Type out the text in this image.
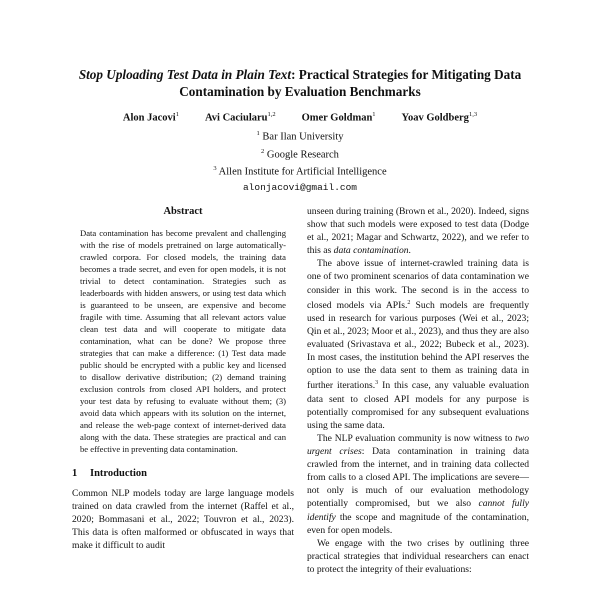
Stop Uploading Test Data in Plain Text: Practical Strategies for Mitigating Data Contamination by Evaluation Benchmarks
Alon Jacovi$^1$ Avi Caciularu$^{1,2}$ Omer Goldman$^1$ Yoav Goldberg$^{1,3}$
$^1$ Bar Ilan University
$^2$ Google Research
$^3$ Allen Institute for Artificial Intelligence
alonjacovi@gmail.com
Abstract

Data contamination has become prevalent and challenging with the rise of models pretrained on large automatically-crawled corpora. For closed models, the training data becomes a trade secret, and even for open models, it is not trivial to detect contamination. Strategies such as leaderboards with hidden answers, or using test data which is guaranteed to be unseen, are expensive and become fragile with time. Assuming that all relevant actors value clean test data and will cooperate to mitigate data contamination, what can be done? We propose three strategies that can make a difference: (1) Test data made public should be encrypted with a public key and licensed to disallow derivative distribution; (2) demand training exclusion controls from closed API holders, and protect your test data by refusing to evaluate without them; (3) avoid data which appears with its solution on the internet, and release the web-page context of internet-derived data along with the data. These strategies are practical and can be effective in preventing data contamination.

1 Introduction

Common NLP models today are large language models trained on data crawled from the internet (Raffel et al., 2020; Bommasani et al., 2022; Touvron et al., 2023). This data is often malformed or obfuscated in ways that make it difficult to audit

unseen during training (Brown et al., 2020). Indeed, signs show that such models were exposed to test data (Dodge et al., 2021; Magar and Schwartz, 2022), and we refer to this as data contamination.

The above issue of internet-crawled training data is one of two prominent scenarios of data contamination we consider in this work. The second is in the access to closed models via APIs.$^2$ Such models are frequently used in research for various purposes (Wei et al., 2023; Qin et al., 2023; Moor et al., 2023), and thus they are also evaluated (Srivastava et al., 2022; Bubeck et al., 2023). In most cases, the institution behind the API reserves the option to use the data sent to them as training data in further iterations.$^3$ In this case, any valuable evaluation data sent to closed API models for any purpose is potentially compromised for any subsequent evaluations using the same data.

The NLP evaluation community is now witness to two urgent crises: Data contamination in training data crawled from the internet, and in training data collected from calls to a closed API. The implications are severe—not only is much of our evaluation methodology potentially compromised, but we also cannot fully identify the scope and magnitude of the contamination, even for open models.

We engage with the two crises by outlining three practical strategies that individual researchers can enact to protect the integrity of their evaluations:
